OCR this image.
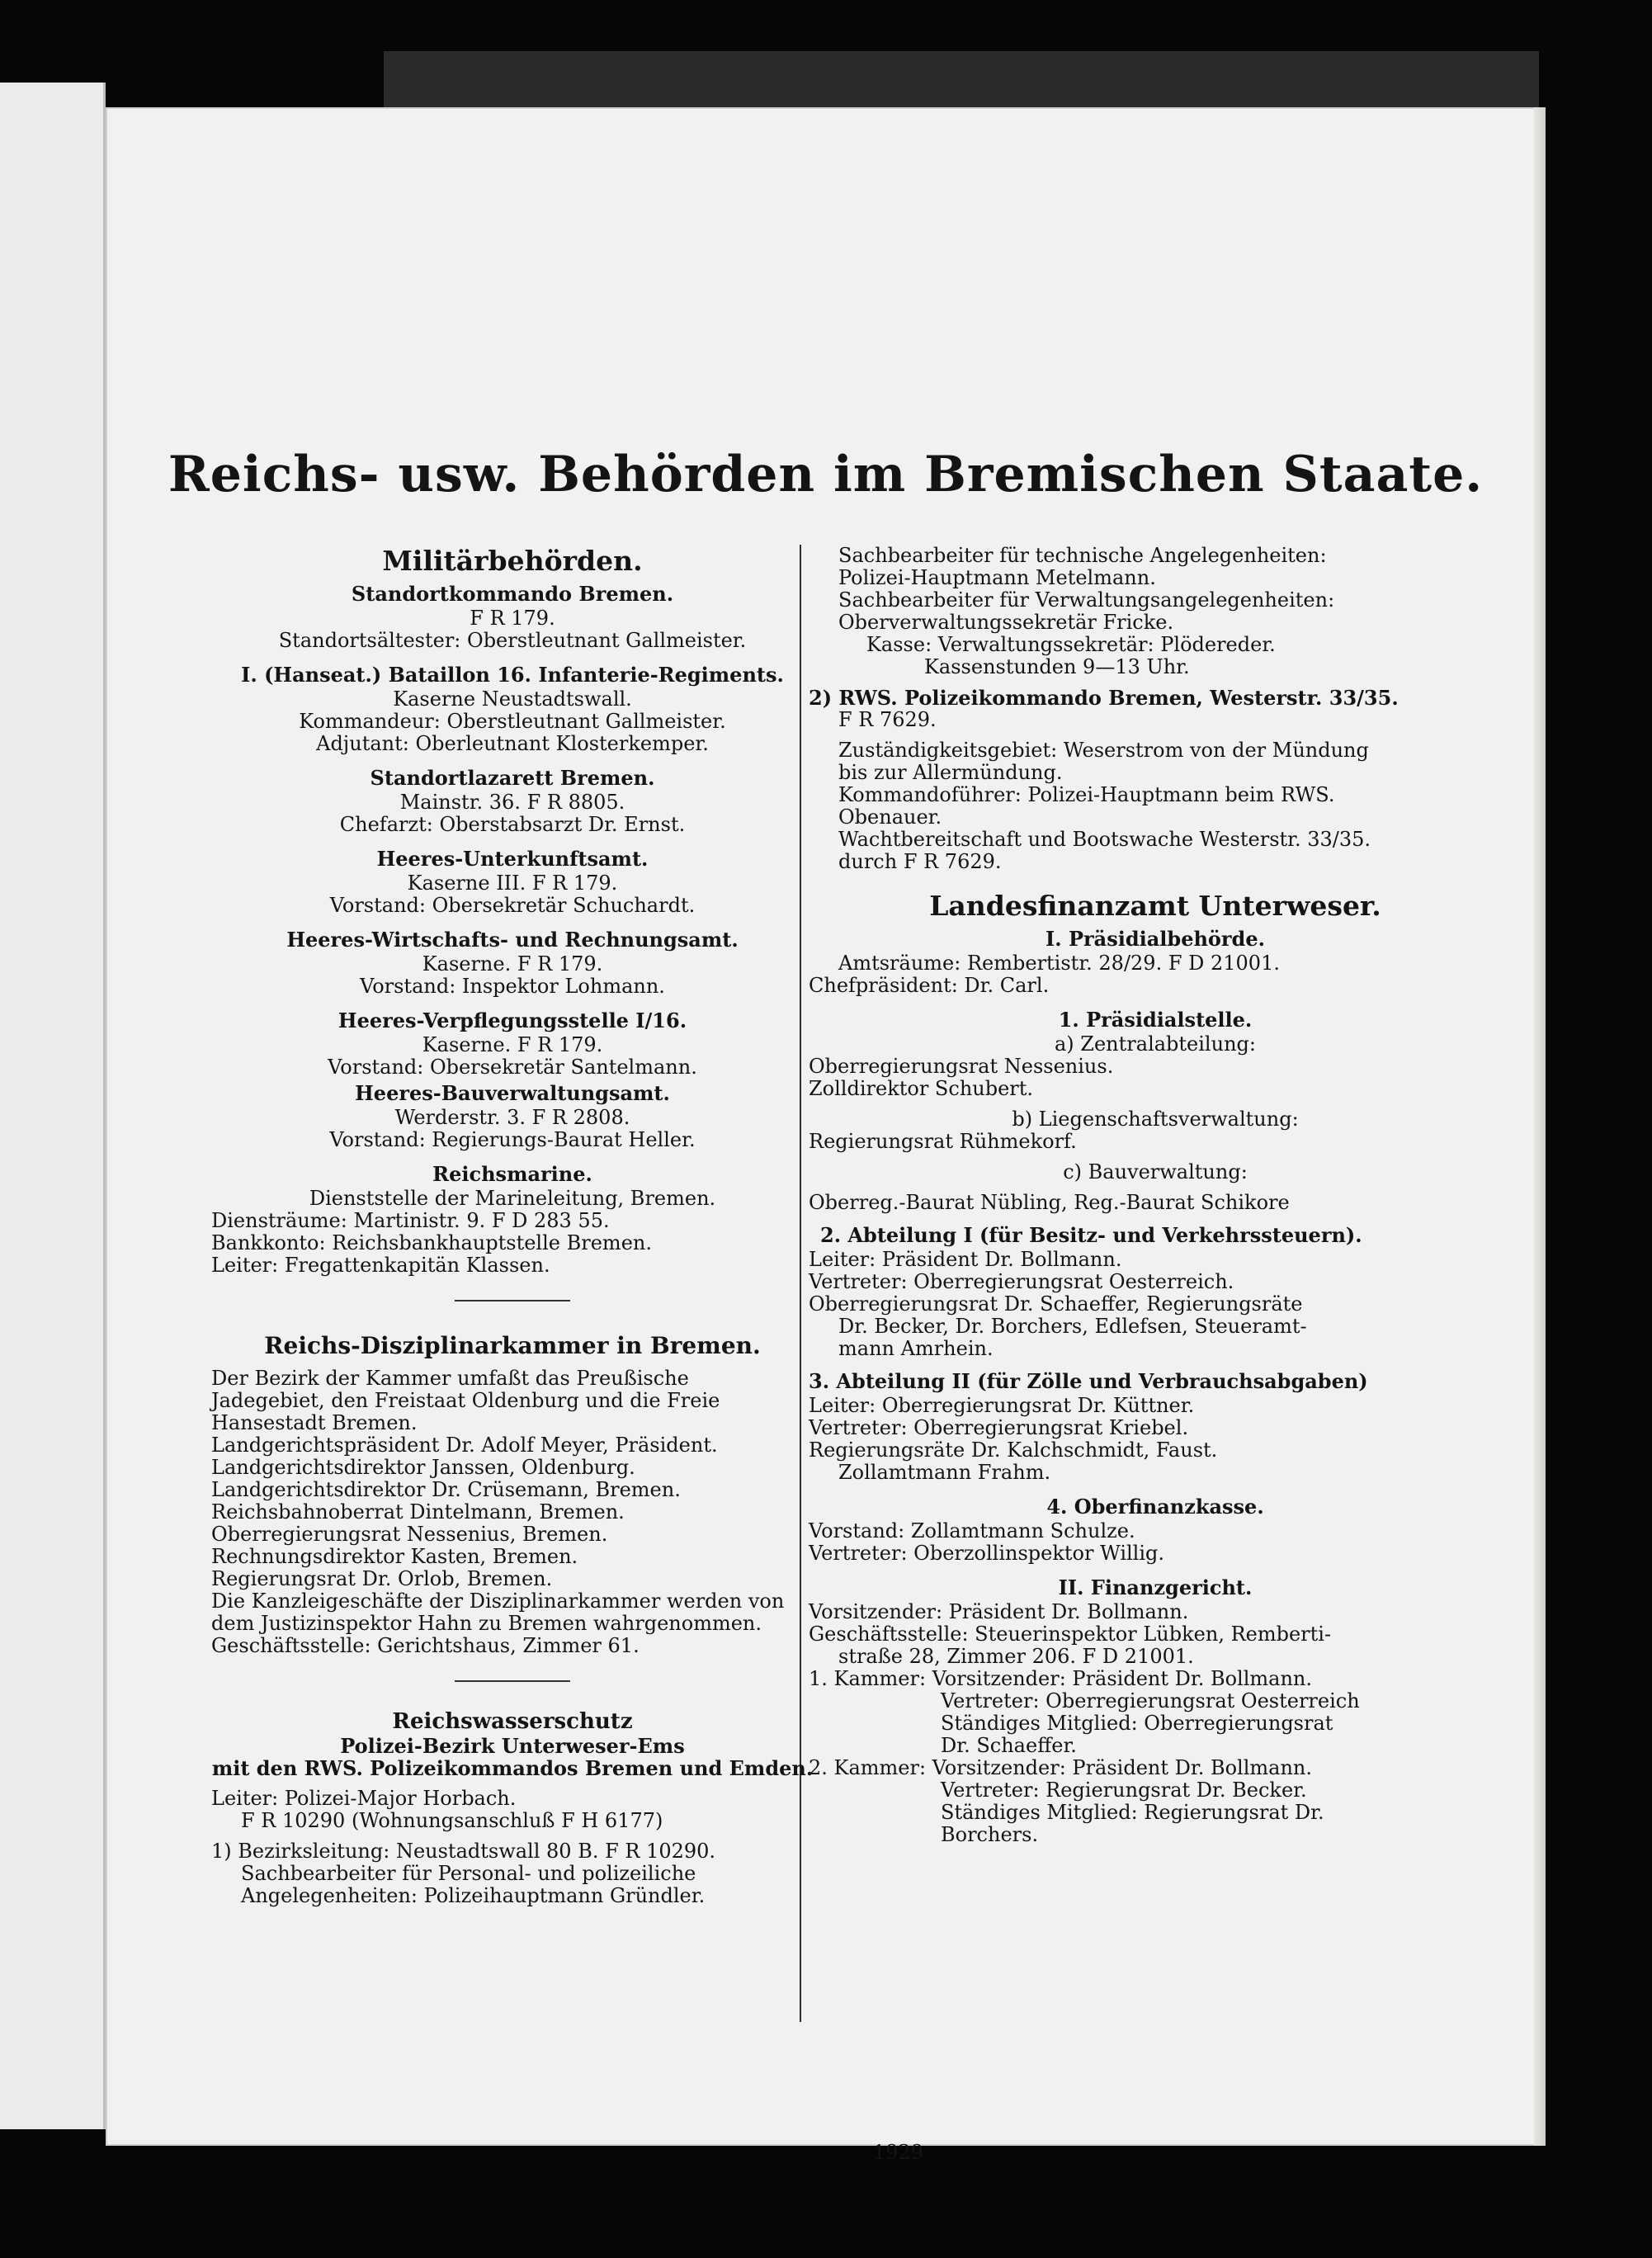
Reichs- usw. Behörden im Bremischen Staate.
Militärbehörden.
Standortkommando Bremen.
F R 179.
Standortsältester: Oberstleutnant Gallmeister.
I. (Hanseat.) Bataillon 16. Infanterie-Regiments.
Kaserne Neustadtswall.
Kommandeur: Oberstleutnant Gallmeister.
Adjutant: Oberleutnant Klosterkemper.
Standortlazarett Bremen.
Mainstr. 36. F R 8805.
Chefarzt: Oberstabsarzt Dr. Ernst.
Heeres-Unterkunftsamt.
Kaserne III. F R 179.
Vorstand: Obersekretär Schuchardt.
Heeres-Wirtschafts- und Rechnungsamt.
Kaserne. F R 179.
Vorstand: Inspektor Lohmann.
Heeres-Verpflegungsstelle I/16.
Kaserne. F R 179.
Vorstand: Obersekretär Santelmann.
Heeres-Bauverwaltungsamt.
Werderstr. 3. F R 2808.
Vorstand: Regierungs-Baurat Heller.
Reichsmarine.
Dienststelle der Marineleitung, Bremen.
Diensträume: Martinistr. 9. F D 283 55.
Bankkonto: Reichsbankhauptstelle Bremen.
Leiter: Fregattenkapitän Klassen.
Reichs-Disziplinarkammer in Bremen.
Der Bezirk der Kammer umfaßt das Preußische
Jadegebiet, den Freistaat Oldenburg und die Freie
Hansestadt Bremen.
Landgerichtspräsident Dr. Adolf Meyer, Präsident.
Landgerichtsdirektor Janssen, Oldenburg.
Landgerichtsdirektor Dr. Crüsemann, Bremen.
Reichsbahnoberrat Dintelmann, Bremen.
Oberregierungsrat Nessenius, Bremen.
Rechnungsdirektor Kasten, Bremen.
Regierungsrat Dr. Orlob, Bremen.
Die Kanzleigeschäfte der Disziplinarkammer werden von
dem Justizinspektor Hahn zu Bremen wahrgenommen.
Geschäftsstelle: Gerichtshaus, Zimmer 61.
Reichswasserschutz
Polizei-Bezirk Unterweser-Ems
mit den RWS. Polizeikommandos Bremen und Emden.
Leiter: Polizei-Major Horbach.
F R 10290 (Wohnungsanschluß F H 6177)
1) Bezirksleitung: Neustadtswall 80 B. F R 10290.
Sachbearbeiter für Personal- und polizeiliche
Angelegenheiten: Polizeihauptmann Gründler.
Sachbearbeiter für technische Angelegenheiten:
Polizei-Hauptmann Metelmann.
Sachbearbeiter für Verwaltungsangelegenheiten:
Oberverwaltungssekretär Fricke.
Kasse: Verwaltungssekretär: Plödereder.
Kassenstunden 9—13 Uhr.
2) RWS. Polizeikommando Bremen, Westerstr. 33/35.
F R 7629.
Zuständigkeitsgebiet: Weserstrom von der Mündung
bis zur Allermündung.
Kommandoführer: Polizei-Hauptmann beim RWS.
Obenauer.
Wachtbereitschaft und Bootswache Westerstr. 33/35.
durch F R 7629.
Landesfinanzamt Unterweser.
I. Präsidialbehörde.
Amtsräume: Rembertistr. 28/29. F D 21001.
Chefpräsident: Dr. Carl.
1. Präsidialstelle.
a) Zentralabteilung:
Oberregierungsrat Nessenius.
Zolldirektor Schubert.
b) Liegenschaftsverwaltung:
Regierungsrat Rühmekorf.
c) Bauverwaltung:
Oberreg.-Baurat Nübling, Reg.-Baurat Schikore
2. Abteilung I (für Besitz- und Verkehrssteuern).
Leiter: Präsident Dr. Bollmann.
Vertreter: Oberregierungsrat Oesterreich.
Oberregierungsrat Dr. Schaeffer, Regierungsräte
Dr. Becker, Dr. Borchers, Edlefsen, Steueramt-
mann Amrhein.
3. Abteilung II (für Zölle und Verbrauchsabgaben)
Leiter: Oberregierungsrat Dr. Küttner.
Vertreter: Oberregierungsrat Kriebel.
Regierungsräte Dr. Kalchschmidt, Faust.
Zollamtmann Frahm.
4. Oberfinanzkasse.
Vorstand: Zollamtmann Schulze.
Vertreter: Oberzollinspektor Willig.
II. Finanzgericht.
Vorsitzender: Präsident Dr. Bollmann.
Geschäftsstelle: Steuerinspektor Lübken, Remberti-
straße 28, Zimmer 206. F D 21001.
1. Kammer: Vorsitzender: Präsident Dr. Bollmann.
Vertreter: Oberregierungsrat Oesterreich
Ständiges Mitglied: Oberregierungsrat
Dr. Schaeffer.
2. Kammer: Vorsitzender: Präsident Dr. Bollmann.
Vertreter: Regierungsrat Dr. Becker.
Ständiges Mitglied: Regierungsrat Dr.
Borchers.
1929
